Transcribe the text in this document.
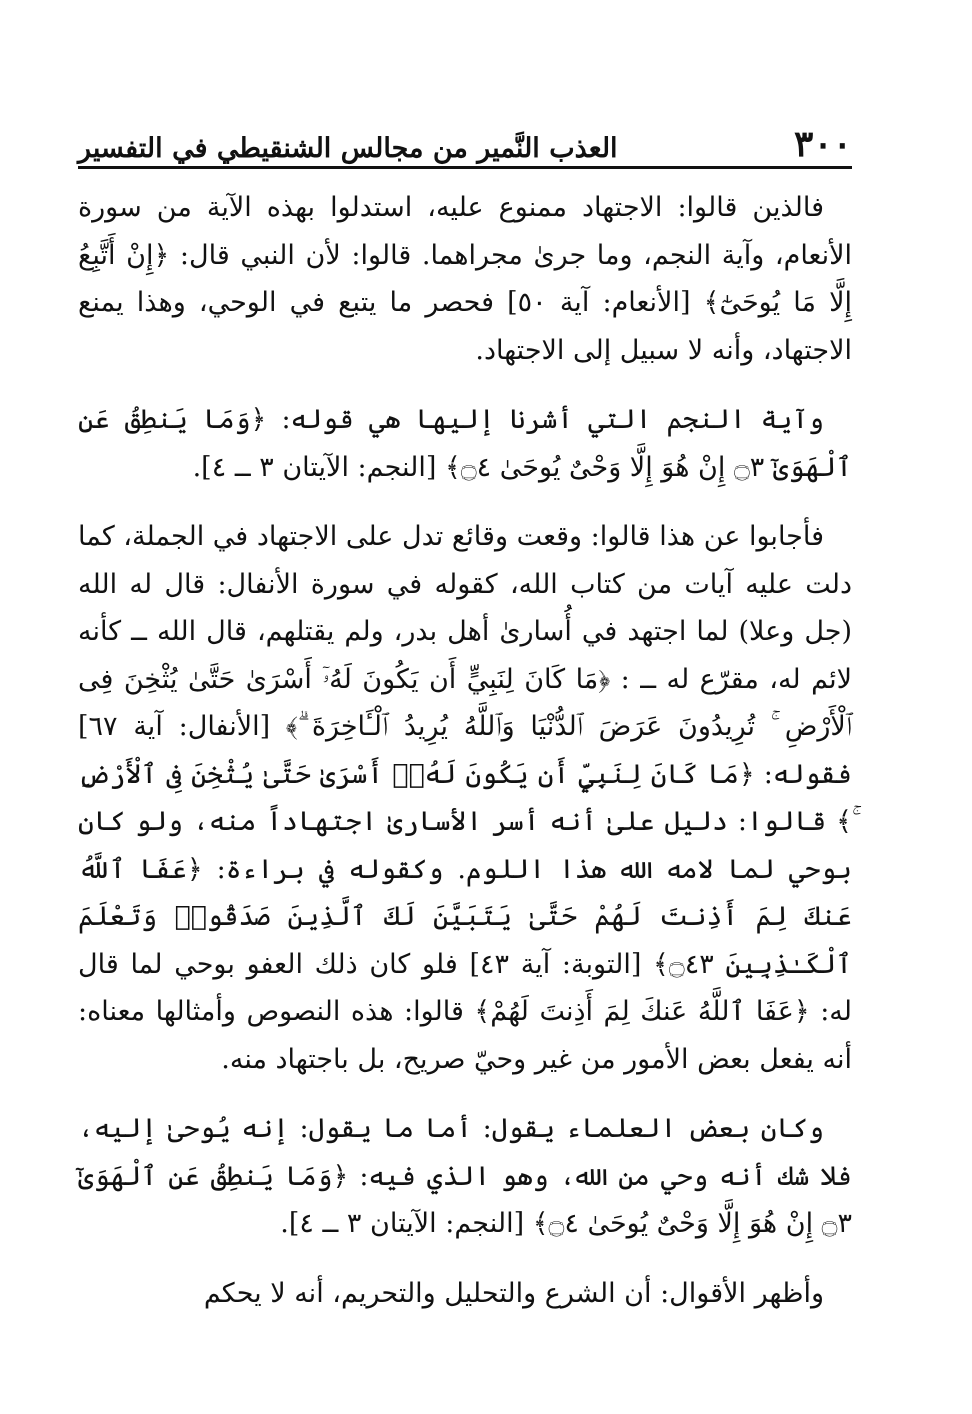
٣٠٠
العذب النَّمير من مجالس الشنقيطي في التفسير

فالذين قالوا: الاجتهاد ممنوع عليه، استدلوا بهذه الآية من سورة الأنعام، وآية النجم، وما جرىٰ مجراهما. قالوا: لأن النبي قال: ﴿إِنْ أَتَّبِعُ إِلَّا مَا يُوحَىٰٓ﴾ [الأنعام: آية ٥٠] فحصر ما يتبع في الوحي، وهذا يمنع الاجتهاد، وأنه لا سبيل إلى الاجتهاد.

وآية النجم التي أشرنا إليها هي قوله: ﴿وَمَا يَنطِقُ عَنِ ٱلْهَوَىٰٓ ۝٣ إِنْ هُوَ إِلَّا وَحْىٌ يُوحَىٰ ۝٤﴾ [النجم: الآيتان ٣ ــ ٤].

فأجابوا عن هذا قالوا: وقعت وقائع تدل على الاجتهاد في الجملة، كما دلت عليه آيات من كتاب الله، كقوله في سورة الأنفال: قال له الله (جل وعلا) لما اجتهد في أُسارىٰ أهل بدر، ولم يقتلهم، قال الله ــ كأنه لائم له، مقرّع له ــ : ﴿مَا كَانَ لِنَبِيٍّ أَن يَكُونَ لَهُۥٓ أَسْرَىٰ حَتَّىٰ يُثْخِنَ فِى ٱلْأَرْضِ ۚ تُرِيدُونَ عَرَضَ ٱلدُّنْيَا وَٱللَّهُ يُرِيدُ ٱلْـَٔاخِرَةَ ۗ﴾ [الأنفال: آية ٦٧] فقوله: ﴿مَا كَانَ لِنَبِيٍّ أَن يَكُونَ لَهُۥٓ أَسْرَىٰ حَتَّىٰ يُثْخِنَ فِى ٱلْأَرْضِ ۚ﴾ قالوا: دليل علىٰ أنه أسر الأسارىٰ اجتهاداً منه، ولو كان بوحي لما لامه الله هذا اللوم. وكقوله في براءة: ﴿عَفَا ٱللَّهُ عَنكَ لِمَ أَذِنتَ لَهُمْ حَتَّىٰ يَتَبَيَّنَ لَكَ ٱلَّذِينَ صَدَقُوا۟ وَتَعْلَمَ ٱلْكَـٰذِبِينَ ۝٤٣﴾ [التوبة: آية ٤٣] فلو كان ذلك العفو بوحي لما قال له: ﴿عَفَا ٱللَّهُ عَنكَ لِمَ أَذِنتَ لَهُمْ﴾ قالوا: هذه النصوص وأمثالها معناه: أنه يفعل بعض الأمور من غير وحيّ صريح، بل باجتهاد منه.

وكان بعض العلماء يقول: أما ما يقول: إنه يُوحىٰ إليه، فلا شك أنه وحي من الله، وهو الذي فيه: ﴿وَمَا يَنطِقُ عَنِ ٱلْهَوَىٰٓ ۝٣ إِنْ هُوَ إِلَّا وَحْىٌ يُوحَىٰ ۝٤﴾ [النجم: الآيتان ٣ ــ ٤].

وأظهر الأقوال: أن الشرع والتحليل والتحريم، أنه لا يحكم
